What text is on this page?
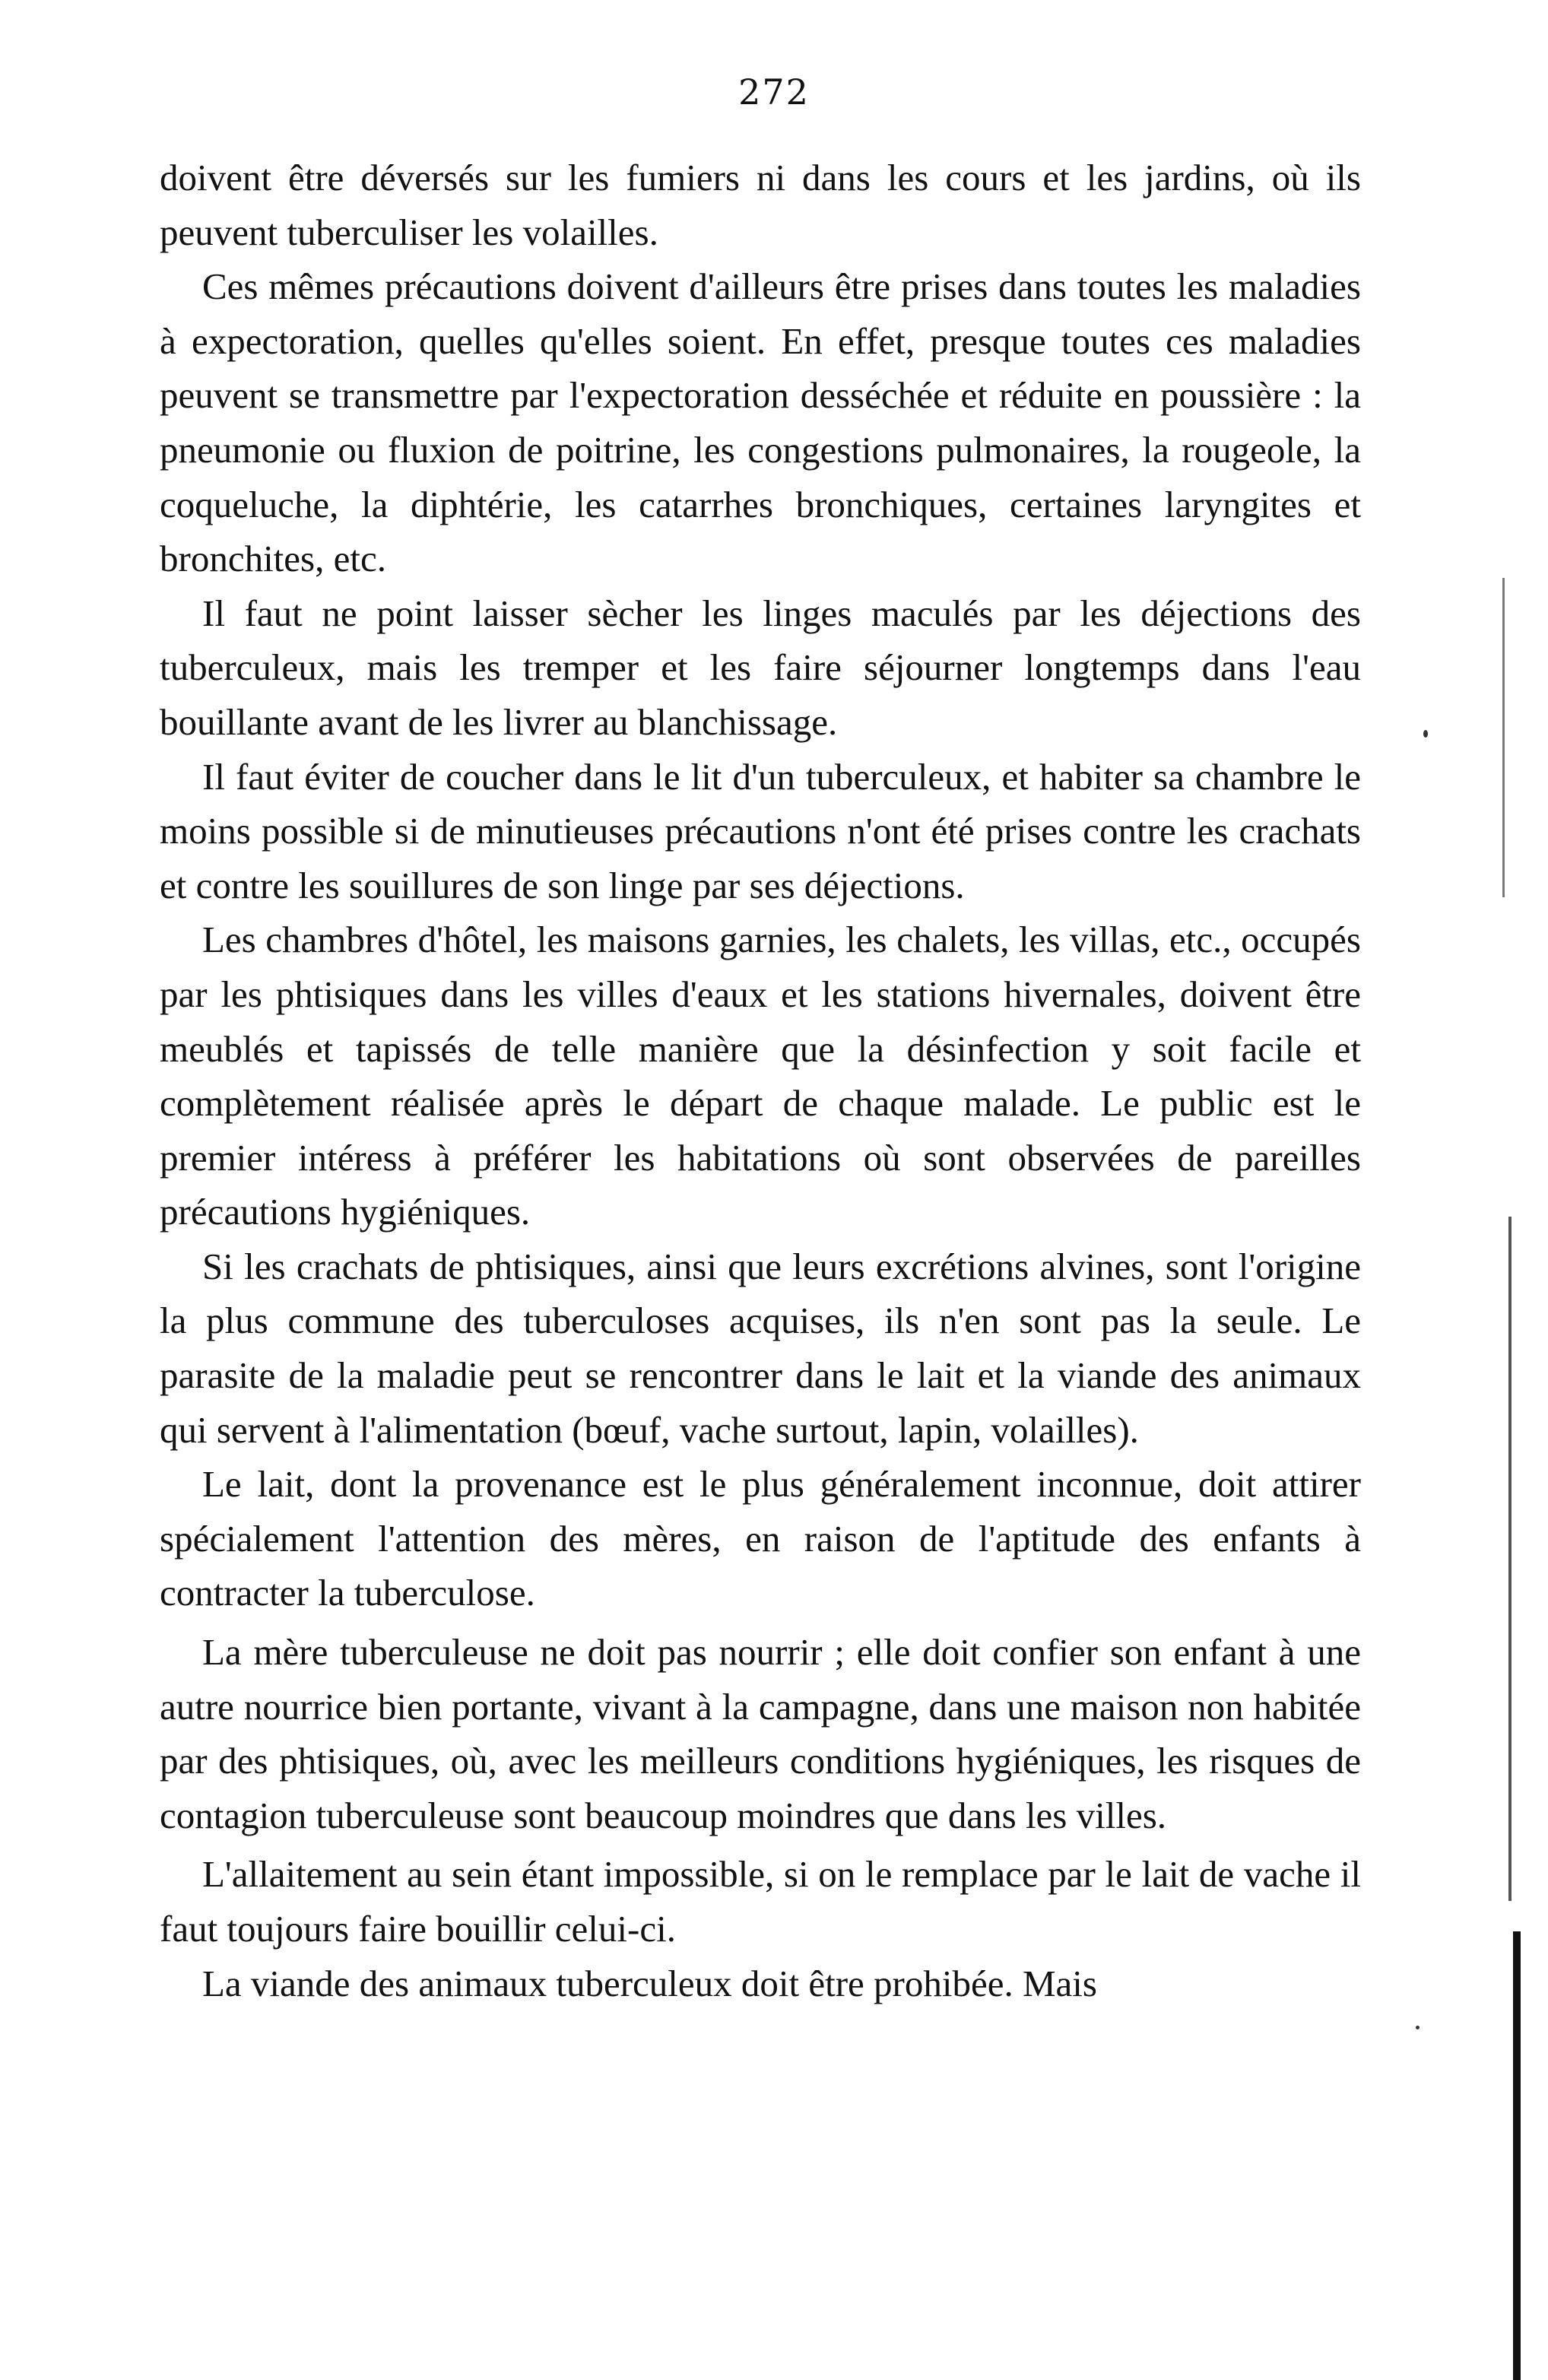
272

doivent être déversés sur les fumiers ni dans les cours et les jardins, où ils peuvent tuberculiser les volailles.

Ces mêmes précautions doivent d'ailleurs être prises dans toutes les maladies à expectoration, quelles qu'elles soient. En effet, presque toutes ces maladies peuvent se transmettre par l'expectoration desséchée et réduite en poussière : la pneumonie ou fluxion de poitrine, les congestions pulmonaires, la rougeole, la coqueluche, la diphtérie, les catarrhes bronchiques, certaines laryngites et bronchites, etc.

Il faut ne point laisser sècher les linges maculés par les déjections des tuberculeux, mais les tremper et les faire séjourner longtemps dans l'eau bouillante avant de les livrer au blanchissage.

Il faut éviter de coucher dans le lit d'un tuberculeux, et habiter sa chambre le moins possible si de minutieuses précautions n'ont été prises contre les crachats et contre les souillures de son linge par ses déjections.

Les chambres d'hôtel, les maisons garnies, les chalets, les villas, etc., occupés par les phtisiques dans les villes d'eaux et les stations hivernales, doivent être meublés et tapissés de telle manière que la désinfection y soit facile et complètement réalisée après le départ de chaque malade. Le public est le premier intéress à préférer les habitations où sont observées de pareilles précautions hygiéniques.

Si les crachats de phtisiques, ainsi que leurs excrétions alvines, sont l'origine la plus commune des tuberculoses acquises, ils n'en sont pas la seule. Le parasite de la maladie peut se rencontrer dans le lait et la viande des animaux qui servent à l'alimentation (bœuf, vache surtout, lapin, volailles).

Le lait, dont la provenance est le plus généralement inconnue, doit attirer spécialement l'attention des mères, en raison de l'aptitude des enfants à contracter la tuberculose.

La mère tuberculeuse ne doit pas nourrir ; elle doit confier son enfant à une autre nourrice bien portante, vivant à la campagne, dans une maison non habitée par des phtisiques, où, avec les meilleurs conditions hygiéniques, les risques de contagion tuberculeuse sont beaucoup moindres que dans les villes.

L'allaitement au sein étant impossible, si on le remplace par le lait de vache il faut toujours faire bouillir celui-ci.

La viande des animaux tuberculeux doit être prohibée. Mais
